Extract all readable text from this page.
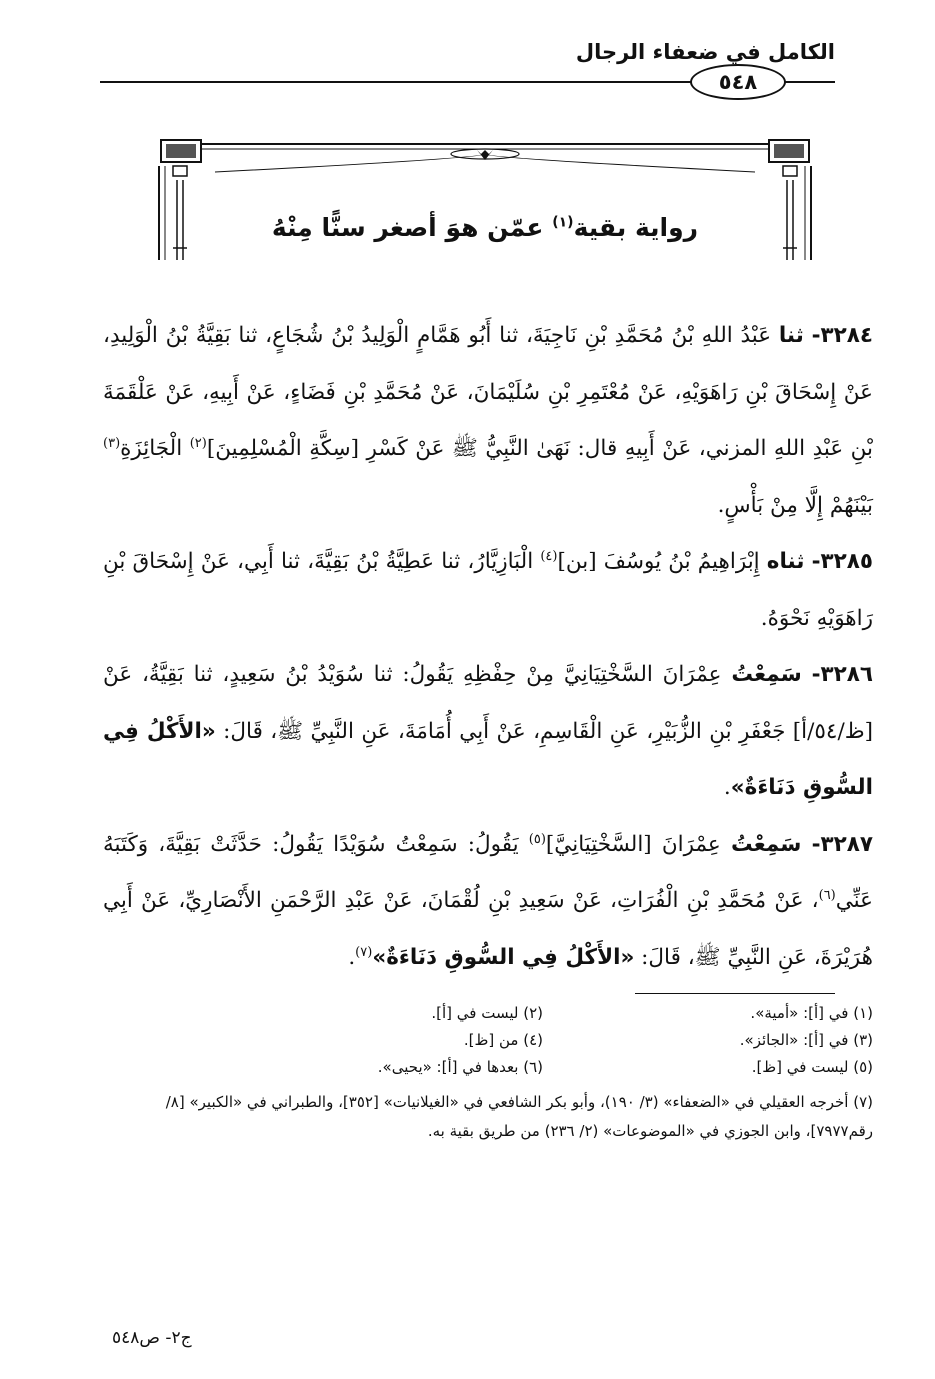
الكامل في ضعفاء الرجال
٥٤٨
رواية بقية$^{(١)}$ عمّن هوَ أصغر سنًّا مِنْهُ

٣٢٨٤- ثنا عَبْدُ اللهِ بْنُ مُحَمَّدِ بْنِ نَاجِيَةَ، ثنا أَبُو هَمَّامٍ الْوَلِيدُ بْنُ شُجَاعٍ، ثنا بَقِيَّةُ بْنُ الْوَلِيدِ، عَنْ إِسْحَاقَ بْنِ رَاهَوَيْهِ، عَنْ مُعْتَمِرِ بْنِ سُلَيْمَانَ، عَنْ مُحَمَّدِ بْنِ فَضَاءٍ، عَنْ أَبِيهِ، عَنْ عَلْقَمَةَ بْنِ عَبْدِ اللهِ المزني، عَنْ أَبِيهِ قال: نَهَىٰ النَّبِيُّ ﷺ عَنْ كَسْرِ [سِكَّةِ الْمُسْلِمِينَ]$^{(٢)}$ الْجَائِزَةِ$^{(٣)}$ بَيْنَهُمْ إِلَّا مِنْ بَأْسٍ.

٣٢٨٥- ثناه إِبْرَاهِيمُ بْنُ يُوسُفَ [بن]$^{(٤)}$ الْبَازِيَّارُ، ثنا عَطِيَّةُ بْنُ بَقِيَّةَ، ثنا أَبِي، عَنْ إِسْحَاقَ بْنِ رَاهَوَيْهِ نَحْوَهُ.

٣٢٨٦- سَمِعْتُ عِمْرَانَ السَّخْتِيَانِيَّ مِنْ حِفْظِهِ يَقُولُ: ثنا سُوَيْدُ بْنُ سَعِيدٍ، ثنا بَقِيَّةُ، عَنْ [ظ/٥٤/أ] جَعْفَرِ بْنِ الزُّبَيْرِ، عَنِ الْقَاسِمِ، عَنْ أَبِي أُمَامَةَ، عَنِ النَّبِيِّ ﷺ، قَالَ: «الأَكْلُ فِي السُّوقِ دَنَاءَةٌ».

٣٢٨٧- سَمِعْتُ عِمْرَانَ [السَّخْتِيَانِيَّ]$^{(٥)}$ يَقُولُ: سَمِعْتُ سُوَيْدًا يَقُولُ: حَدَّثَتْ بَقِيَّةَ، وَكَتَبَهُ عَنِّي$^{(٦)}$، عَنْ مُحَمَّدِ بْنِ الْفُرَاتِ، عَنْ سَعِيدِ بْنِ لُقْمَانَ، عَنْ عَبْدِ الرَّحْمَنِ الأَنْصَارِيِّ، عَنْ أَبِي هُرَيْرَةَ، عَنِ النَّبِيِّ ﷺ، قَالَ: «الأَكْلُ فِي السُّوقِ دَنَاءَةٌ»$^{(٧)}$.

(١) في [أ]: «أمية».
(٢) ليست في [أ].
(٣) في [أ]: «الجائز».
(٤) من [ظ].
(٥) ليست في [ظ].
(٦) بعدها في [أ]: «يحيى».
(٧) أخرجه العقيلي في «الضعفاء» (٣/ ١٩٠)، وأبو بكر الشافعي في «الغيلانيات» [٣٥٢]، والطبراني في «الكبير» [٨/ رقم٧٩٧٧]، وابن الجوزي في «الموضوعات» (٢/ ٢٣٦) من طريق بقية به.
ج٢- ص٥٤٨
